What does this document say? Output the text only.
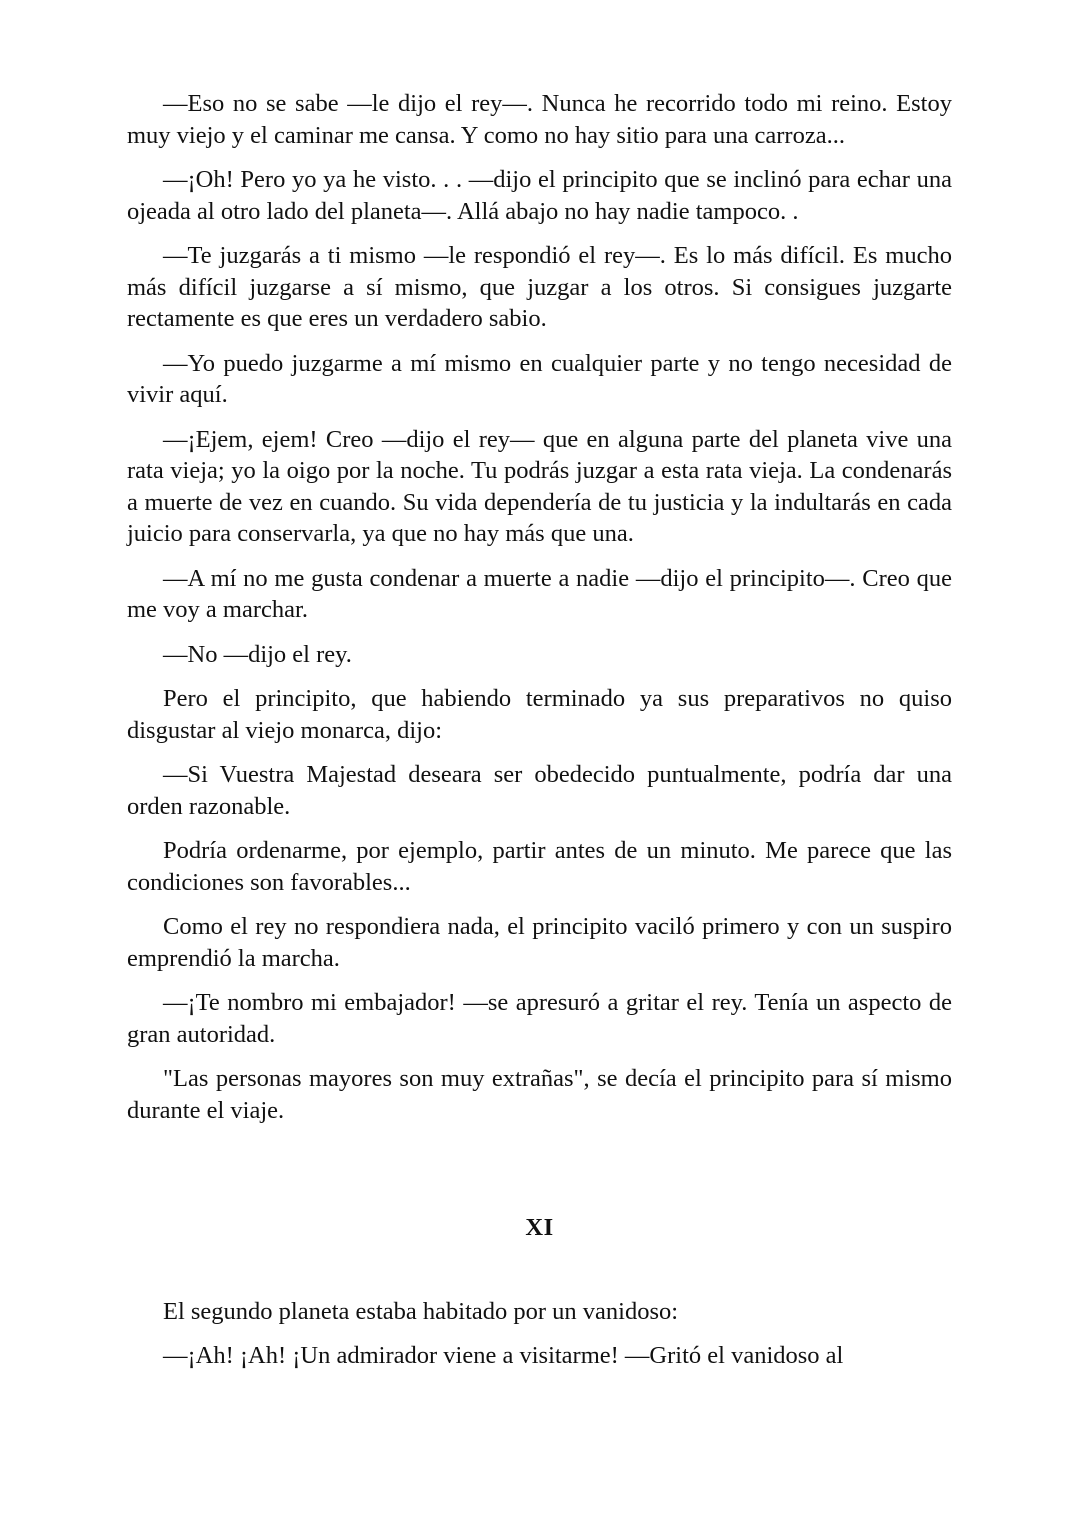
—Eso no se sabe —le dijo el rey—. Nunca he recorrido todo mi reino. Estoy muy viejo y el caminar me cansa. Y como no hay sitio para una carroza...

—¡Oh! Pero yo ya he visto. . . —dijo el principito que se inclinó para echar una ojeada al otro lado del planeta—. Allá abajo no hay nadie tampoco. .

—Te juzgarás a ti mismo —le respondió el rey—. Es lo más difícil. Es mucho más difícil juzgarse a sí mismo, que juzgar a los otros. Si consigues juzgarte rectamente es que eres un verdadero sabio.

—Yo puedo juzgarme a mí mismo en cualquier parte y no tengo necesidad de vivir aquí.

—¡Ejem, ejem! Creo —dijo el rey— que en alguna parte del planeta vive una rata vieja; yo la oigo por la noche. Tu podrás juzgar a esta rata vieja. La condenarás a muerte de vez en cuando. Su vida dependería de tu justicia y la indultarás en cada juicio para conservarla, ya que no hay más que una.

—A mí no me gusta condenar a muerte a nadie —dijo el principito—. Creo que me voy a marchar.

—No —dijo el rey.

Pero el principito, que habiendo terminado ya sus preparativos no quiso disgustar al viejo monarca, dijo:

—Si Vuestra Majestad deseara ser obedecido puntualmente, podría dar una orden razonable.

Podría ordenarme, por ejemplo, partir antes de un minuto. Me parece que las condiciones son favorables...

Como el rey no respondiera nada, el principito vaciló primero y con un suspiro emprendió la marcha.

—¡Te nombro mi embajador! —se apresuró a gritar el rey. Tenía un aspecto de gran autoridad.

"Las personas mayores son muy extrañas", se decía el principito para sí mismo durante el viaje.

XI

El segundo planeta estaba habitado por un vanidoso:

—¡Ah! ¡Ah! ¡Un admirador viene a visitarme! —Gritó el vanidoso al
